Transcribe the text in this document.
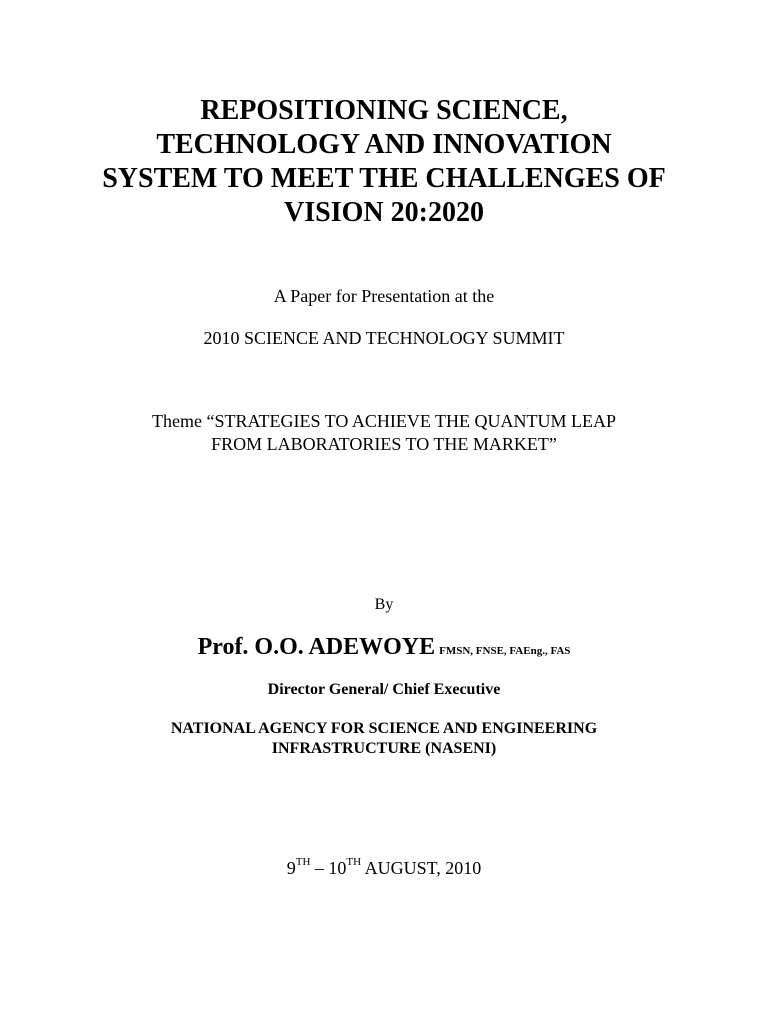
REPOSITIONING SCIENCE,
TECHNOLOGY AND INNOVATION
SYSTEM TO MEET THE CHALLENGES OF
VISION 20:2020
A Paper for Presentation at the
2010 SCIENCE AND TECHNOLOGY SUMMIT
Theme “STRATEGIES TO ACHIEVE THE QUANTUM LEAP
FROM LABORATORIES TO THE MARKET”
By
Prof. O.O. ADEWOYE FMSN, FNSE, FAEng., FAS
Director General/ Chief Executive
NATIONAL AGENCY FOR SCIENCE AND ENGINEERING
INFRASTRUCTURE (NASENI)
9TH – 10TH AUGUST, 2010
